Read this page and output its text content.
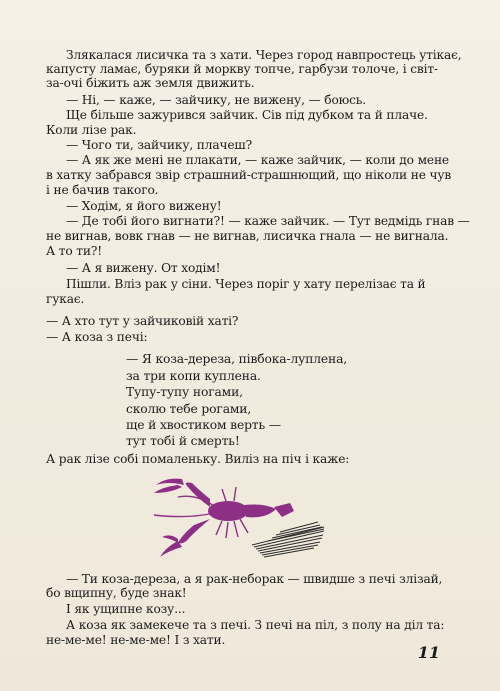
Злякалася лисичка та з хати. Через город навпростець утікає,
капусту ламає, буряки й моркву топче, гарбузи толоче, і світ-
за-очі біжить аж земля движить.
— Ні, — каже, — зайчику, не вижену, — боюсь.
Ще більше зажурився зайчик. Сів під дубком та й плаче.
Коли лізе рак.
— Чого ти, зайчику, плачеш?
— А як же мені не плакати, — каже зайчик, — коли до мене
в хатку забрався звір страшний-страшнющий, що ніколи не чув
і не бачив такого.
— Ходім, я його вижену!
— Де тобі його вигнати?! — каже зайчик. — Тут ведмідь гнав —
не вигнав, вовк гнав — не вигнав, лисичка гнала — не вигнала.
А то ти?!
— А я вижену. От ходім!
Пішли. Вліз рак у сіни. Через поріг у хату перелізає та й
гукає.
— А хто тут у зайчиковій хаті?
— А коза з печі:
— Я коза-дереза, півбока-луплена,
за три копи куплена.
Тупу-тупу ногами,
сколю тебе рогами,
ще й хвостиком верть —
тут тобі й смерть!
А рак лізе собі помаленьку. Виліз на піч і каже:
— Ти коза-дереза, а я рак-неборак — швидше з печі злізай,
бо вщипну, буде знак!
І як ущипне козу...
А коза як замекече та з печі. З печі на піл, з полу на діл та:
не-ме-ме! не-ме-ме! І з хати.
11
